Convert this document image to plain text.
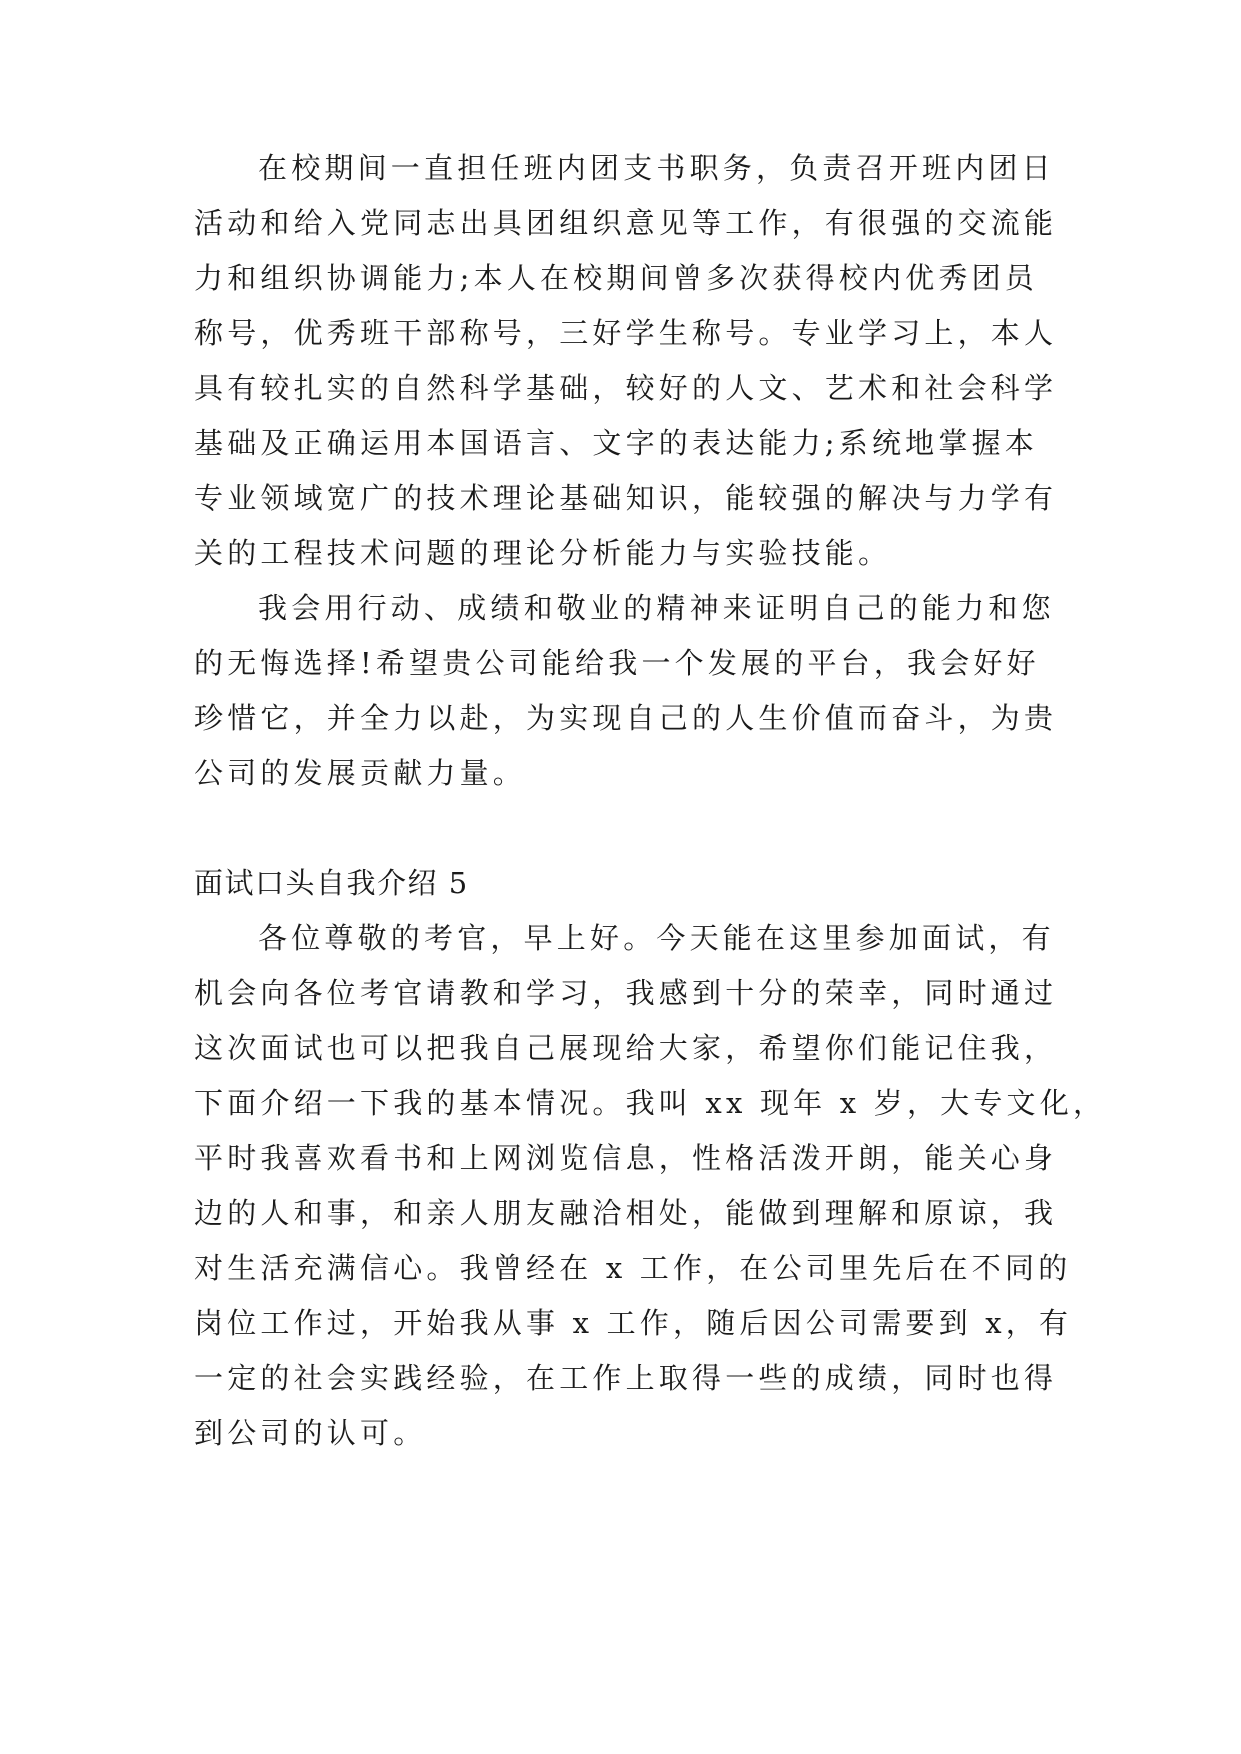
在校期间一直担任班内团支书职务，负责召开班内团日
活动和给入党同志出具团组织意见等工作，有很强的交流能
力和组织协调能力;本人在校期间曾多次获得校内优秀团员
称号，优秀班干部称号，三好学生称号。专业学习上，本人
具有较扎实的自然科学基础，较好的人文、艺术和社会科学
基础及正确运用本国语言、文字的表达能力;系统地掌握本
专业领域宽广的技术理论基础知识，能较强的解决与力学有
关的工程技术问题的理论分析能力与实验技能。
我会用行动、成绩和敬业的精神来证明自己的能力和您
的无悔选择!希望贵公司能给我一个发展的平台，我会好好
珍惜它，并全力以赴，为实现自己的人生价值而奋斗，为贵
公司的发展贡献力量。
面试口头自我介绍 5
各位尊敬的考官，早上好。今天能在这里参加面试，有
机会向各位考官请教和学习，我感到十分的荣幸，同时通过
这次面试也可以把我自己展现给大家，希望你们能记住我，
下面介绍一下我的基本情况。我叫 xx 现年 x 岁，大专文化，
平时我喜欢看书和上网浏览信息，性格活泼开朗，能关心身
边的人和事，和亲人朋友融洽相处，能做到理解和原谅，我
对生活充满信心。我曾经在 x 工作，在公司里先后在不同的
岗位工作过，开始我从事 x 工作，随后因公司需要到 x，有
一定的社会实践经验，在工作上取得一些的成绩，同时也得
到公司的认可。
